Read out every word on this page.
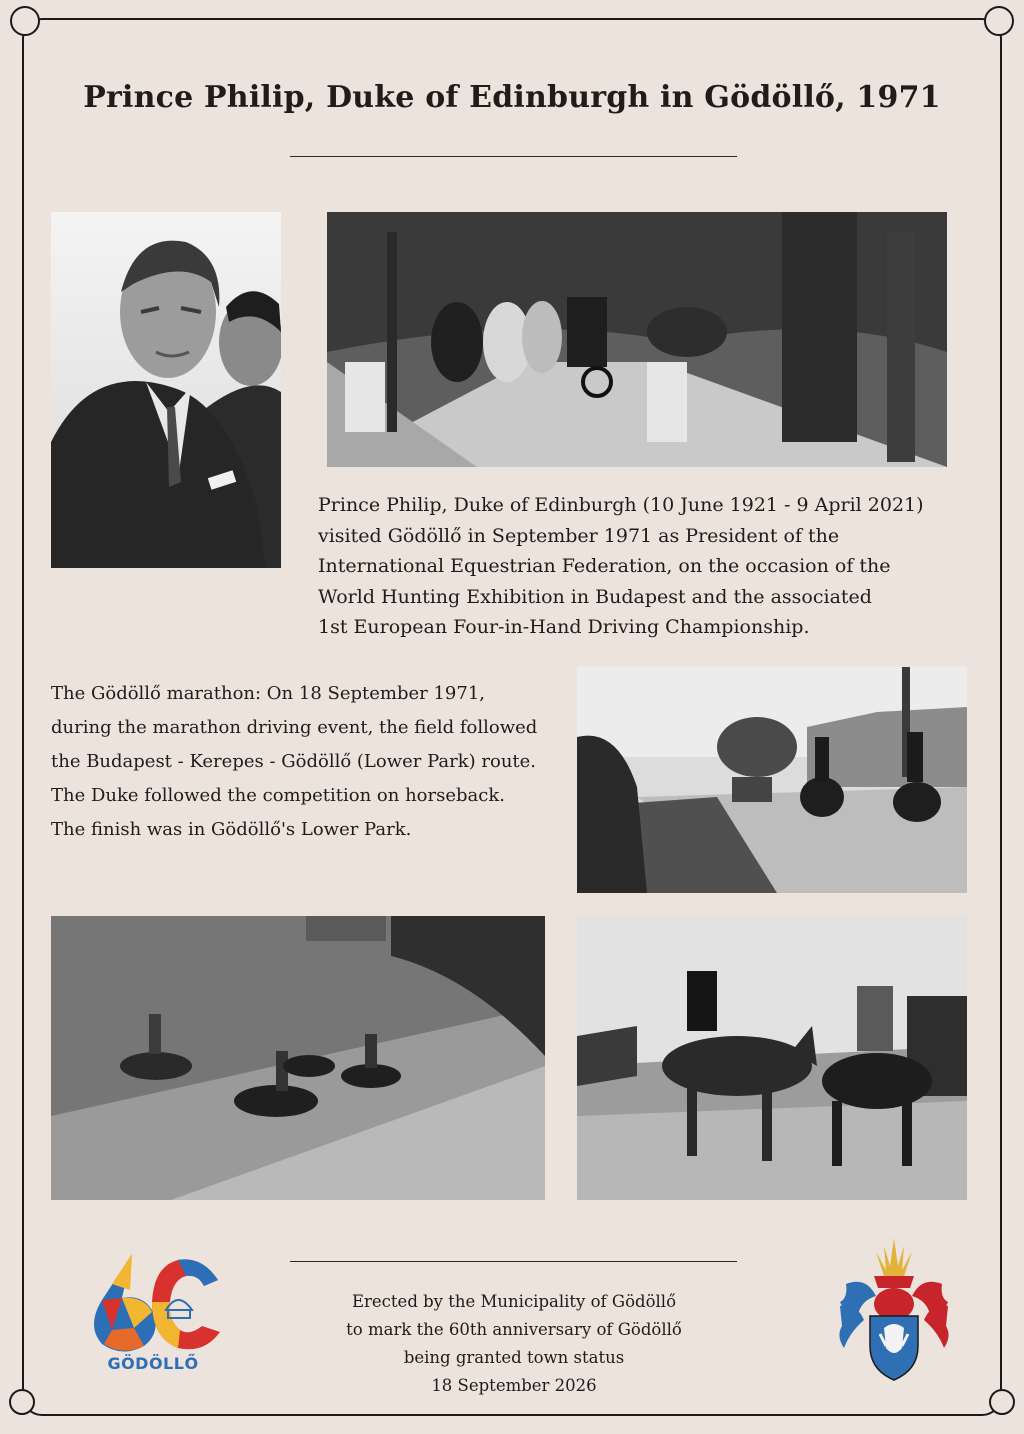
Prince Philip, Duke of Edinburgh in Gödöllő, 1971

Prince Philip, Duke of Edinburgh (10 June 1921 - 9 April 2021)

visited Gödöllő in September 1971 as President of the

International Equestrian Federation, on the occasion of the

World Hunting Exhibition in Budapest and the associated

1st European Four-in-Hand Driving Championship.

The Gödöllő marathon: On 18 September 1971,

during the marathon driving event, the field followed

the Budapest - Kerepes - Gödöllő (Lower Park) route.

The Duke followed the competition on horseback.

The finish was in Gödöllő's Lower Park.

GÖDÖLLŐ

Erected by the Municipality of Gödöllő

to mark the 60th anniversary of Gödöllő

being granted town status

18 September 2026
